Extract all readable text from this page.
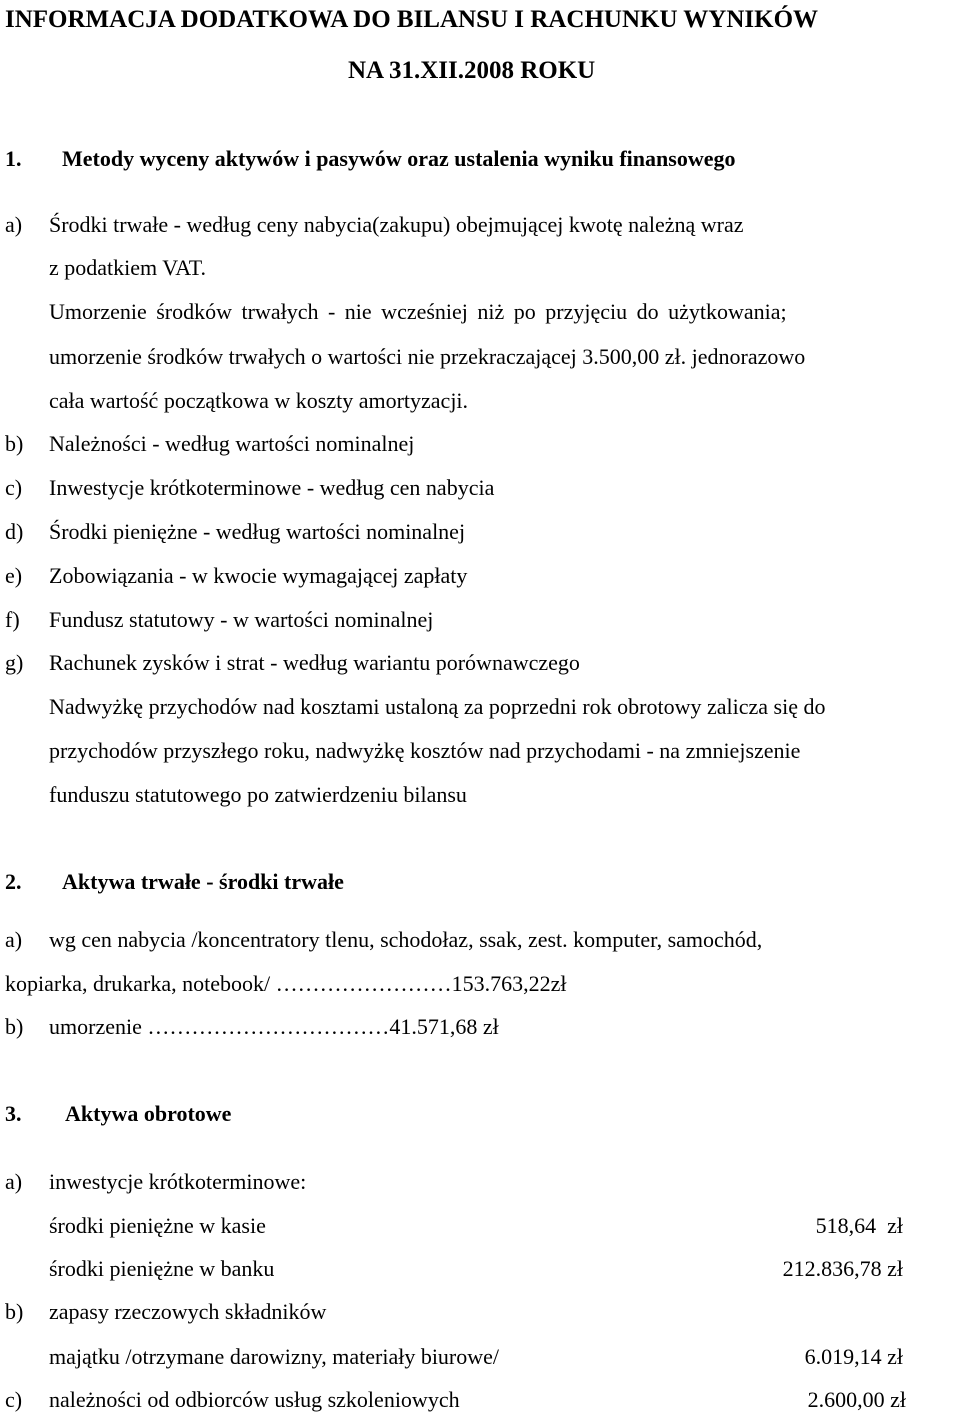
INFORMACJA DODATKOWA DO BILANSU I RACHUNKU WYNIKÓW
NA 31.XII.2008 ROKU
1. Metody wyceny aktywów i pasywów oraz ustalenia wyniku finansowego
a) Środki trwałe - według ceny nabycia(zakupu) obejmującej kwotę należną wraz
z podatkiem VAT.
Umorzenie środków trwałych - nie wcześniej niż po przyjęciu do użytkowania;
umorzenie środków trwałych o wartości nie przekraczającej 3.500,00 zł. jednorazowo
cała wartość początkowa w koszty amortyzacji.
b) Należności - według wartości nominalnej
c) Inwestycje krótkoterminowe - według cen nabycia
d) Środki pieniężne - według wartości nominalnej
e) Zobowiązania - w kwocie wymagającej zapłaty
f) Fundusz statutowy - w wartości nominalnej
g) Rachunek zysków i strat - według wariantu porównawczego
Nadwyżkę przychodów nad kosztami ustaloną za poprzedni rok obrotowy zalicza się do
przychodów przyszłego roku, nadwyżkę kosztów nad przychodami - na zmniejszenie
funduszu statutowego po zatwierdzeniu bilansu
2. Aktywa trwałe - środki trwałe
a) wg cen nabycia /koncentratory tlenu, schodołaz, ssak, zest. komputer, samochód,
kopiarka, drukarka, notebook/ ……………………153.763,22zł
b) umorzenie ……………………………41.571,68 zł
3. Aktywa obrotowe
a) inwestycje krótkoterminowe:
środki pieniężne w kasie	518,64  zł
środki pieniężne w banku	212.836,78 zł
b) zapasy rzeczowych składników
majątku /otrzymane darowizny, materiały biurowe/	6.019,14 zł
c) należności od odbiorców usług szkoleniowych	2.600,00 zł
